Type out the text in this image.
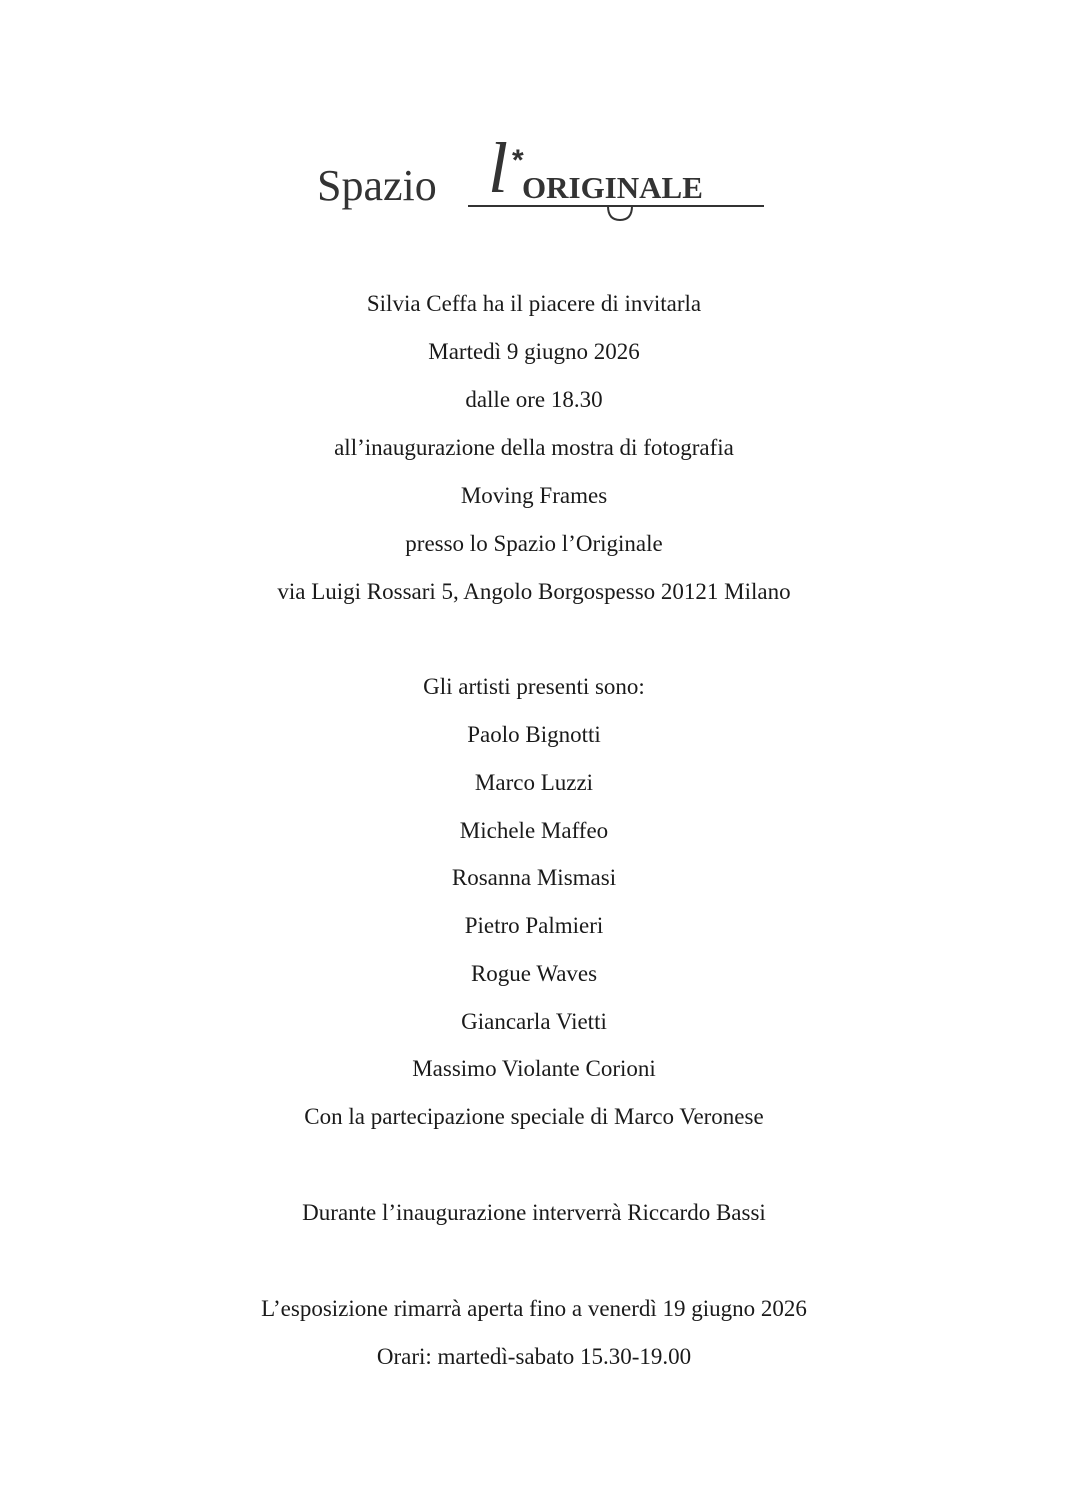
Spazio l *
ORIGINALE
Silvia Ceffa ha il piacere di invitarla
Martedì 9 giugno 2026
dalle ore 18.30
all’inaugurazione della mostra di fotografia
Moving Frames
presso lo Spazio l’Originale
via Luigi Rossari 5, Angolo Borgospesso 20121 Milano
Gli artisti presenti sono:
Paolo Bignotti
Marco Luzzi
Michele Maffeo
Rosanna Mismasi
Pietro Palmieri
Rogue Waves
Giancarla Vietti
Massimo Violante Corioni
Con la partecipazione speciale di Marco Veronese
Durante l’inaugurazione interverrà Riccardo Bassi
L’esposizione rimarrà aperta fino a venerdì 19 giugno 2026
Orari: martedì-sabato 15.30-19.00
